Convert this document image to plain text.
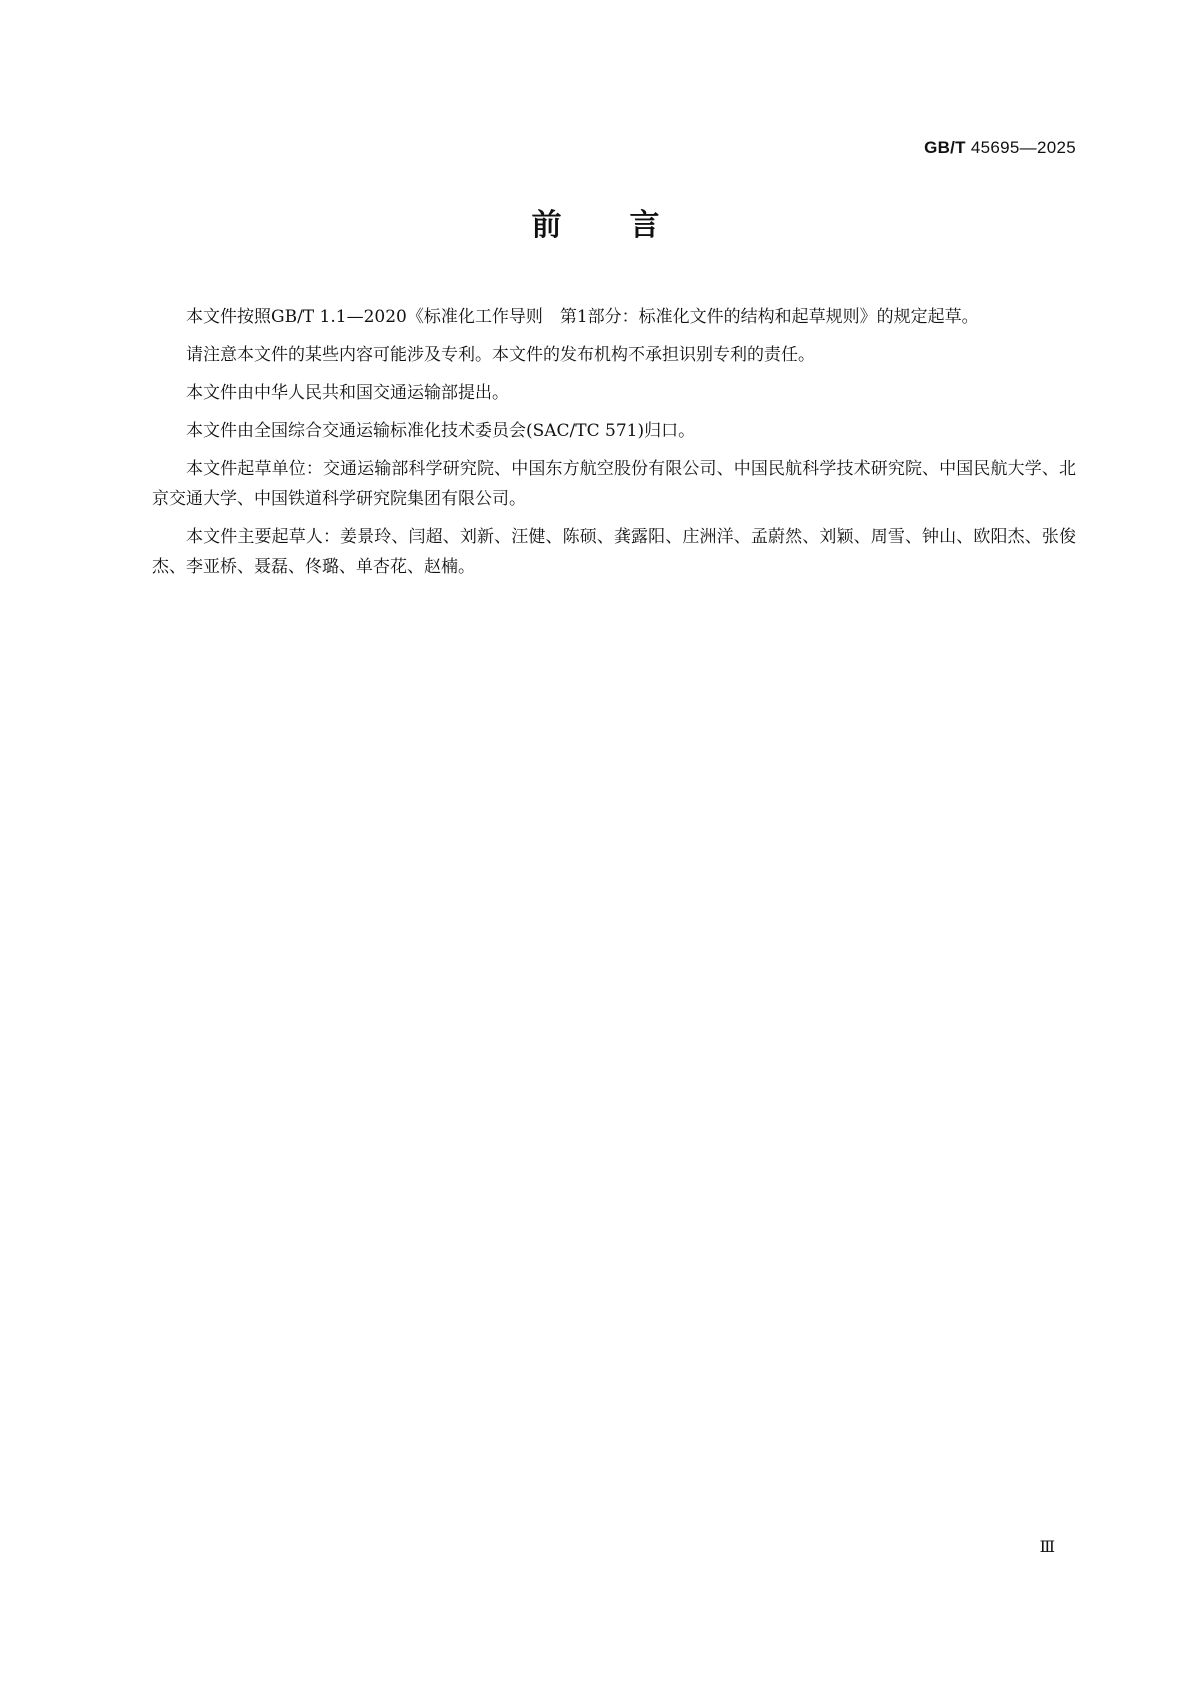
GB/T 45695—2025
前言

本文件按照GB/T 1.1—2020《标准化工作导则　第1部分：标准化文件的结构和起草规则》的规定起草。

请注意本文件的某些内容可能涉及专利。本文件的发布机构不承担识别专利的责任。

本文件由中华人民共和国交通运输部提出。

本文件由全国综合交通运输标准化技术委员会(SAC/TC 571)归口。

本文件起草单位：交通运输部科学研究院、中国东方航空股份有限公司、中国民航科学技术研究院、中国民航大学、北京交通大学、中国铁道科学研究院集团有限公司。

本文件主要起草人：姜景玲、闫超、刘新、汪健、陈硕、龚露阳、庄洲洋、孟蔚然、刘颖、周雪、钟山、欧阳杰、张俊杰、李亚桥、聂磊、佟璐、单杏花、赵楠。

Ⅲ
